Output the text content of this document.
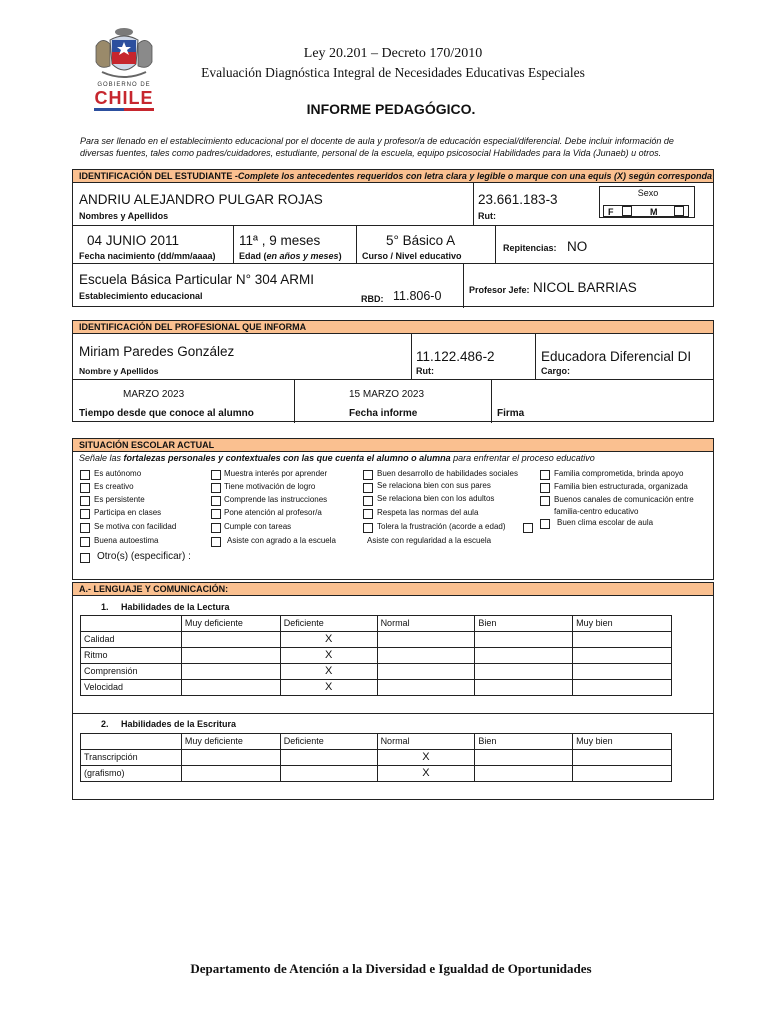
GOBIERNO DE
CHILE
Ley 20.201 – Decreto 170/2010
Evaluación Diagnóstica Integral de Necesidades Educativas Especiales
INFORME PEDAGÓGICO.
Para ser llenado en el establecimiento educacional por el docente de aula y profesor/a de educación especial/diferencial. Debe incluir información de diversas fuentes, tales como padres/cuidadores, estudiante, personal de la escuela, equipo psicosocial Habilidades para la Vida (Junaeb) u otros.
IDENTIFICACIÓN DEL ESTUDIANTE -Complete los antecedentes requeridos con letra clara y legible o marque con una equis (X) según corresponda
ANDRIU ALEJANDRO PULGAR ROJAS
Nombres y Apellidos
23.661.183-3
Rut:
Sexo
F	M
04 JUNIO 2011
Fecha nacimiento (dd/mm/aaaa)
11ª , 9 meses
Edad (en años y meses)
5° Básico A
Curso / Nivel educativo
Repitencias: NO
Escuela Básica Particular N° 304 ARMI
Establecimiento educacional	RBD: 11.806-0	Profesor Jefe: NICOL BARRIAS
IDENTIFICACIÓN DEL PROFESIONAL QUE INFORMA
Miriam Paredes González
Nombre y Apellidos
11.122.486-2
Rut:
Educadora Diferencial DI
Cargo:
MARZO 2023
Tiempo desde que conoce al alumno
15 MARZO 2023
Fecha informe	Firma
SITUACIÓN ESCOLAR ACTUAL
Señale las fortalezas personales y contextuales con las que cuenta el alumno o alumna para enfrentar el proceso educativo
Es autónomo
Es creativo
Es persistente
Participa en clases
Se motiva con facilidad
Buena autoestima
Otro(s) (especificar) :
Muestra interés por aprender
Tiene motivación de logro
Comprende las instrucciones
Pone atención al profesor/a
Cumple con tareas
Asiste con agrado a la escuela
Buen desarrollo de habilidades sociales
Se relaciona bien con sus pares
Se relaciona bien con los adultos
Respeta las normas del aula
Tolera la frustración (acorde a edad)
Asiste con regularidad a la escuela
Familia comprometida, brinda apoyo
Familia bien estructurada, organizada
Buenos canales de comunicación entre
familia-centro educativo
Buen clima escolar de aula
A.- LENGUAJE Y COMUNICACIÓN:
1.     Habilidades de la Lectura
	Muy deficiente	Deficiente	Normal	Bien	Muy bien
Calidad		X			
Ritmo		X			
Comprensión		X			
Velocidad		X			
2.     Habilidades de la Escritura
	Muy deficiente	Deficiente	Normal	Bien	Muy bien
Transcripción			X		
(grafismo)			X		
Departamento de Atención a la Diversidad e Igualdad de Oportunidades
